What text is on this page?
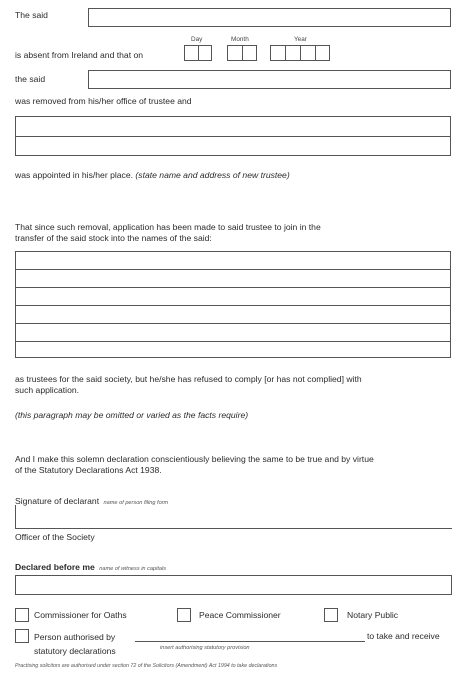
The said
Day	Month	Year
is absent from Ireland and that on
the said
was removed from his/her office of trustee and
was appointed in his/her place. (state name and address of new trustee)
That since such removal, application has been made to said trustee to join in the
transfer of the said stock into the names of the said:
as trustees for the said society, but he/she has refused to comply [or has not complied] with
such application.
(this paragraph may be omitted or varied as the facts require)
And I make this solemn declaration conscientiously believing the same to be true and by virtue
of the Statutory Declarations Act 1938.
Signature of declarant name of person filing form
Officer of the Society
Declared before me name of witness in capitals
Commissioner for Oaths	Peace Commissioner	Notary Public
Person authorised by
statutory declarations	insert authorising statutory provision
to take and receive
Practising solicitors are authorised under section 72 of the Solicitors (Amendment) Act 1994 to take declarations
